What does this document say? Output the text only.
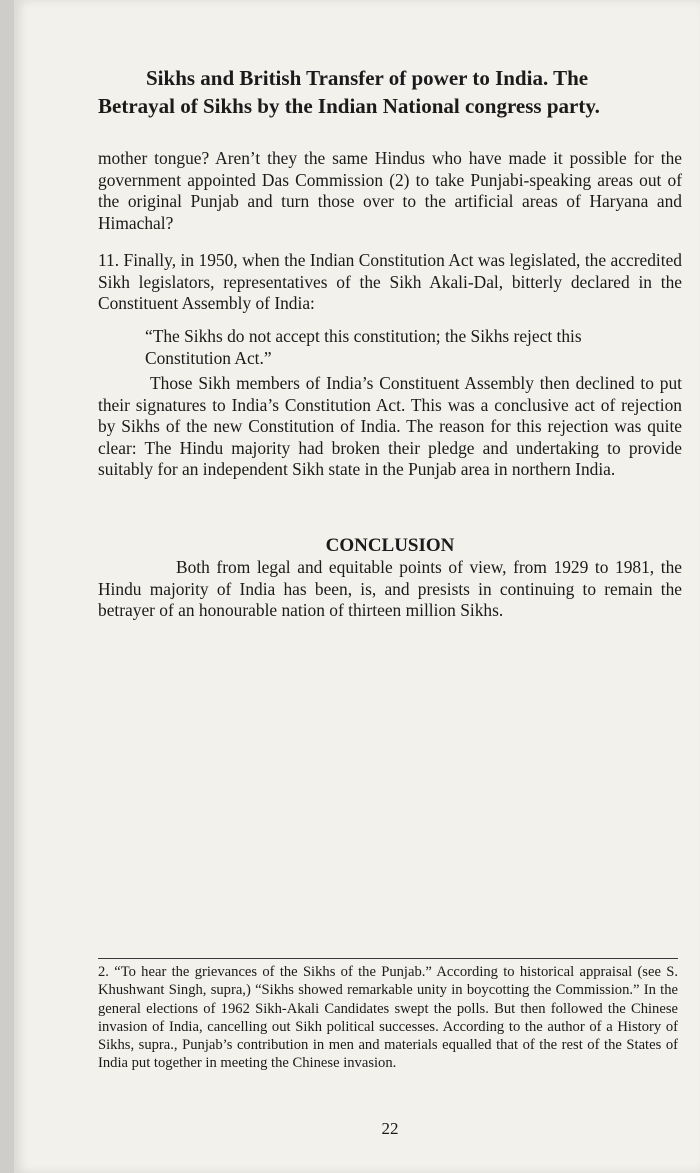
Sikhs and British Transfer of power to India. The
Betrayal of Sikhs by the Indian National congress party.
mother tongue? Aren’t they the same Hindus who have made it possible for the government appointed Das Commission (2) to take Punjabi-speaking areas out of the original Punjab and turn those over to the artificial areas of Haryana and Himachal?
11. Finally, in 1950, when the Indian Constitution Act was legislated, the accredited Sikh legislators, representatives of the Sikh Akali-Dal, bitterly declared in the Constituent Assembly of India:
“The Sikhs do not accept this constitution; the Sikhs reject this Constitution Act.”
Those Sikh members of India’s Constituent Assembly then declined to put their signatures to India’s Constitution Act. This was a conclusive act of rejection by Sikhs of the new Constitution of India. The reason for this rejection was quite clear: The Hindu majority had broken their pledge and undertaking to provide suitably for an independent Sikh state in the Punjab area in northern India.
CONCLUSION
Both from legal and equitable points of view, from 1929 to 1981, the Hindu majority of India has been, is, and presists in continuing to remain the betrayer of an honourable nation of thirteen million Sikhs.
2. “To hear the grievances of the Sikhs of the Punjab.” According to historical appraisal (see S. Khushwant Singh, supra,) “Sikhs showed remarkable unity in boycotting the Commission.” In the general elections of 1962 Sikh-Akali Candidates swept the polls. But then followed the Chinese invasion of India, cancelling out Sikh political successes. According to the author of a History of Sikhs, supra., Punjab’s contribution in men and materials equalled that of the rest of the States of India put together in meeting the Chinese invasion.
22
